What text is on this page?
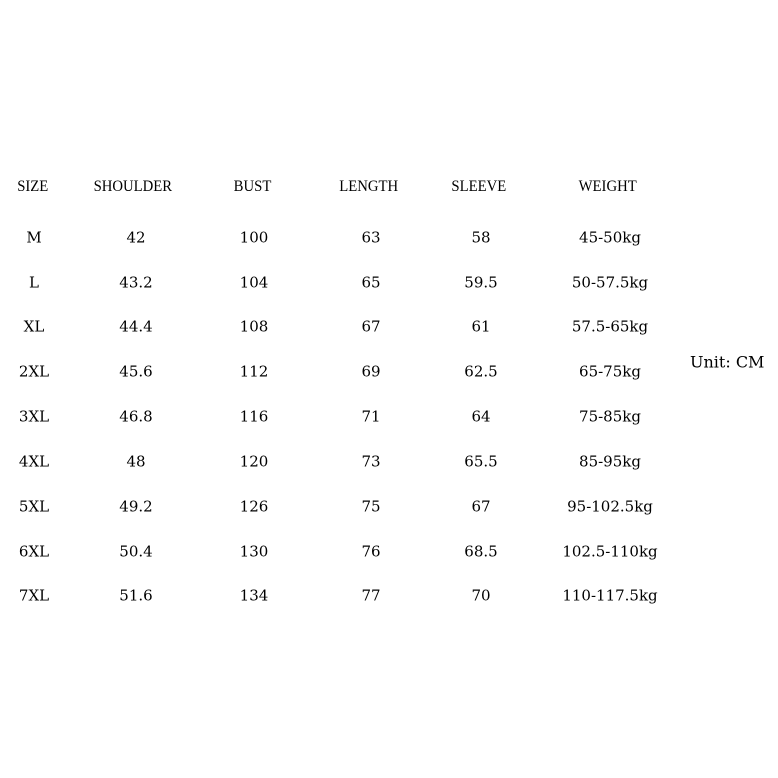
SIZE	SHOULDER	BUST	LENGTH	SLEEVE	WEIGHT
M	42	100	63	58	45-50kg
L	43.2	104	65	59.5	50-57.5kg
XL	44.4	108	67	61	57.5-65kg
2XL	45.6	112	69	62.5	65-75kg
3XL	46.8	116	71	64	75-85kg
4XL	48	120	73	65.5	85-95kg
5XL	49.2	126	75	67	95-102.5kg
6XL	50.4	130	76	68.5	102.5-110kg
7XL	51.6	134	77	70	110-117.5kg
Unit: CM
